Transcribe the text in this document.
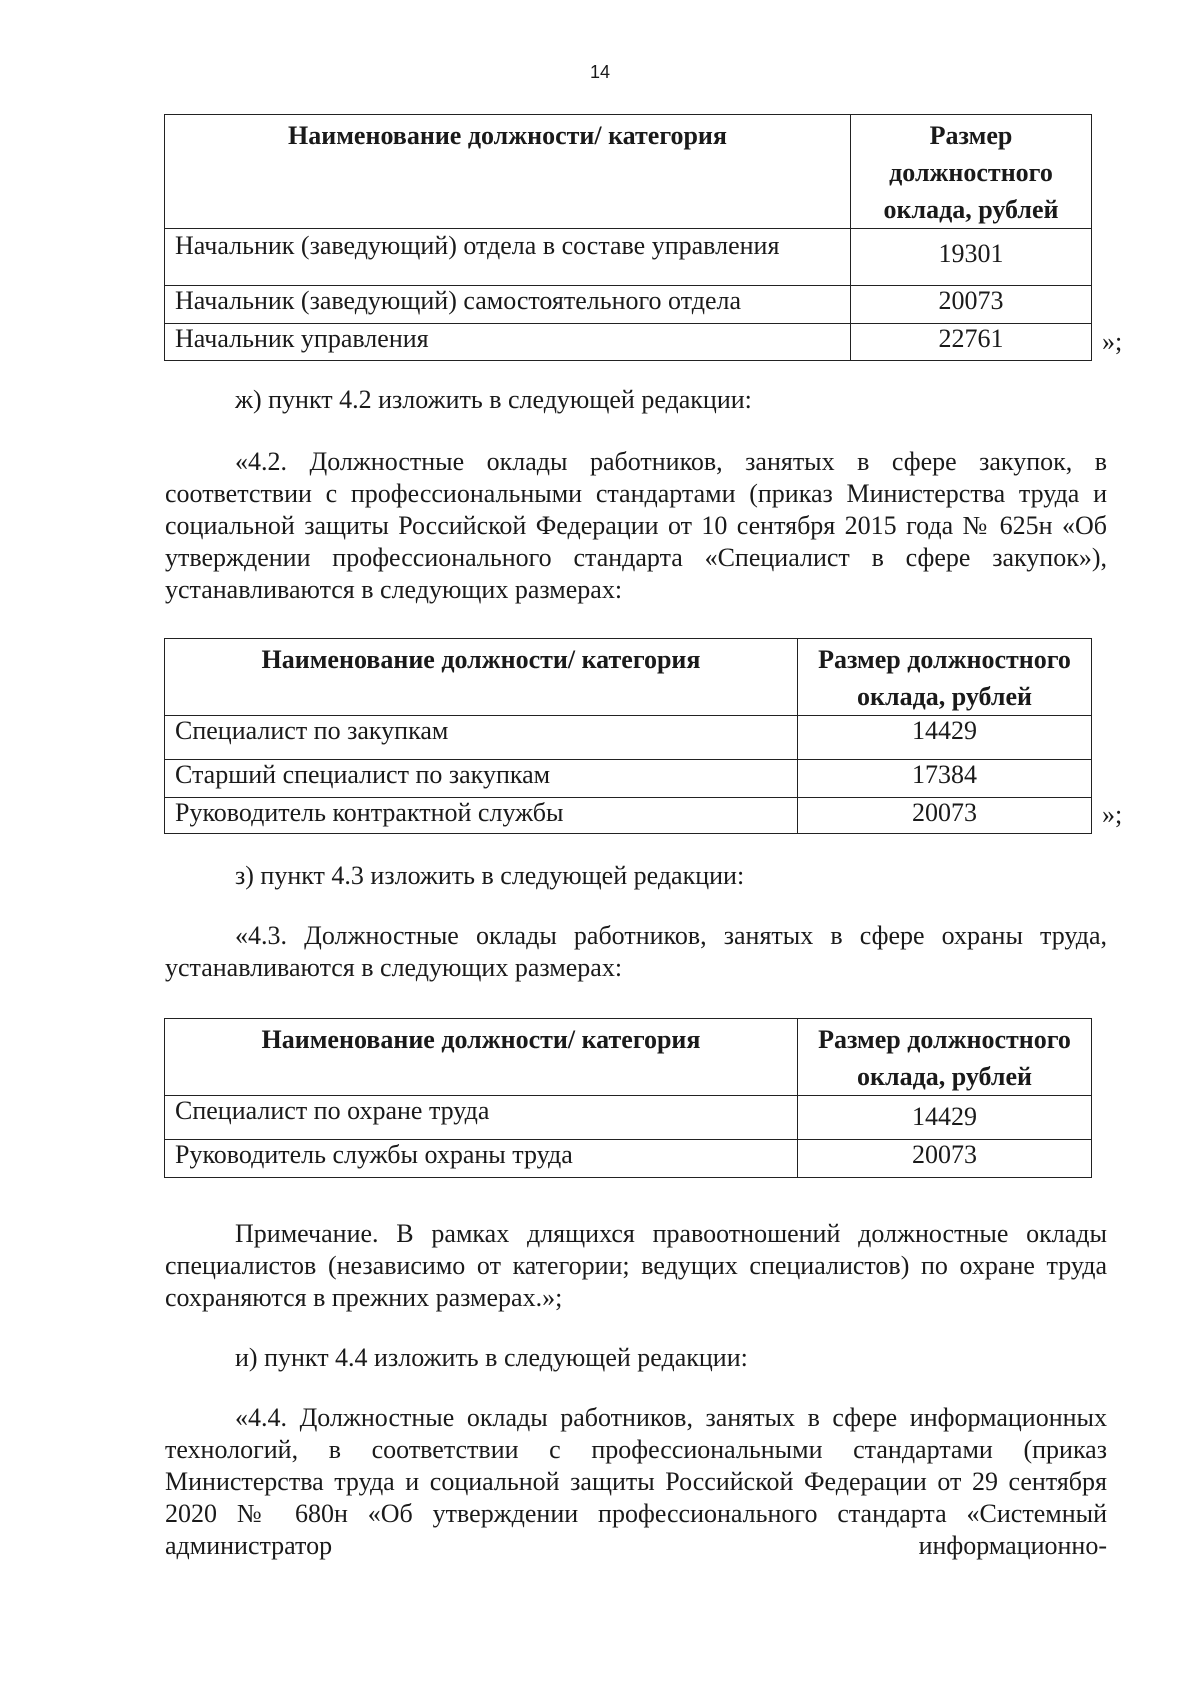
14
Наименование должности/ категория	Размер
должностного
оклада, рублей

Начальник (заведующий) отдела в составе управления	19301
Начальник (заведующий) самостоятельного отдела	20073
Начальник управления	22761	»;

ж) пункт 4.2 изложить в следующей редакции:

«4.2. Должностные оклады работников, занятых в сфере закупок, в соответствии с профессиональными стандартами (приказ Министерства труда и социальной защиты Российской Федерации от 10 сентября 2015 года № 625н «Об утверждении профессионального стандарта «Специалист в сфере закупок»), устанавливаются в следующих размерах:

Наименование должности/ категория	Размер должностного
оклада, рублей

Специалист по закупкам	14429
Старший специалист по закупкам	17384
Руководитель контрактной службы	20073	»;

з) пункт 4.3 изложить в следующей редакции:

«4.3. Должностные оклады работников, занятых в сфере охраны труда, устанавливаются в следующих размерах:

Наименование должности/ категория	Размер должностного
оклада, рублей

Специалист по охране труда	14429
Руководитель службы охраны труда	20073

Примечание. В рамках длящихся правоотношений должностные оклады специалистов (независимо от категории; ведущих специалистов) по охране труда сохраняются в прежних размерах.»;

и) пункт 4.4 изложить в следующей редакции:

«4.4. Должностные оклады работников, занятых в сфере информационных технологий, в соответствии с профессиональными стандартами (приказ Министерства труда и социальной защиты Российской Федерации от 29 сентября 2020 № 680н «Об утверждении профессионального стандарта «Системный администратор информационно-
